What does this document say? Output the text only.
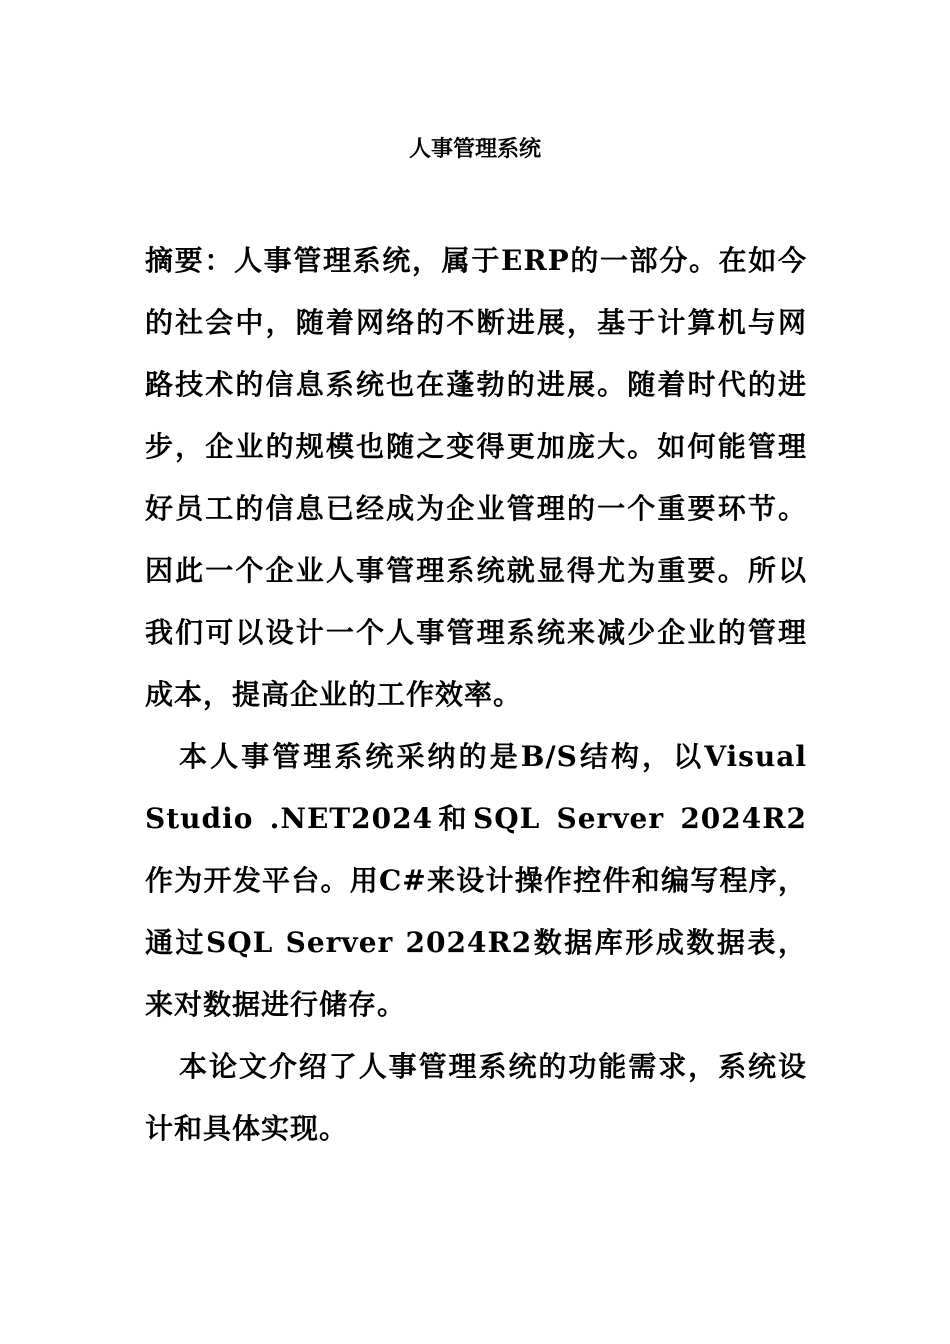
人事管理系统

摘要：人事管理系统，属于ERP的一部分。在如今的社会中，随着网络的不断进展，基于计算机与网路技术的信息系统也在蓬勃的进展。随着时代的进步，企业的规模也随之变得更加庞大。如何能管理好员工的信息已经成为企业管理的一个重要环节。因此一个企业人事管理系统就显得尤为重要。所以我们可以设计一个人事管理系统来减少企业的管理成本，提高企业的工作效率。

本人事管理系统采纳的是B/S结构，以Visual Studio .NET2024和SQL Server 2024R2作为开发平台。用C#来设计操作控件和编写程序，通过SQL Server 2024R2数据库形成数据表，来对数据进行储存。

本论文介绍了人事管理系统的功能需求，系统设计和具体实现。
